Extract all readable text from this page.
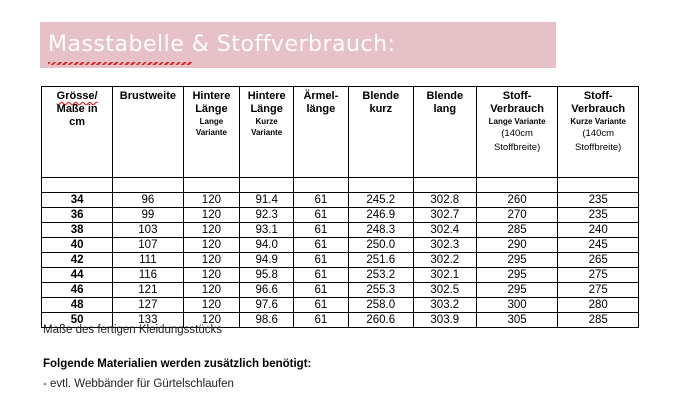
Masstabelle & Stoffverbrauch:
Grösse/
Maße in
cm	Brustweite	Hintere
Länge
Lange
Variante	Hintere
Länge
Kurze
Variante	Ärmel-
länge	Blende
kurz	Blende
lang	Stoff-
Verbrauch
Lange Variante
(140cm
Stoffbreite)	Stoff-
Verbrauch
Kurze Variante
(140cm
Stoffbreite)

34	96	120	91.4	61	245.2	302.8	260	235
36	99	120	92.3	61	246.9	302.7	270	235
38	103	120	93.1	61	248.3	302.4	285	240
40	107	120	94.0	61	250.0	302.3	290	245
42	111	120	94.9	61	251.6	302.2	295	265
44	116	120	95.8	61	253.2	302.1	295	275
46	121	120	96.6	61	255.3	302.5	295	275
48	127	120	97.6	61	258.0	303.2	300	280
50	133	120	98.6	61	260.6	303.9	305	285
Maße des fertigen Kleidungsstücks
Folgende Materialien werden zusätzlich benötigt:
- evtl. Webbänder für Gürtelschlaufen
